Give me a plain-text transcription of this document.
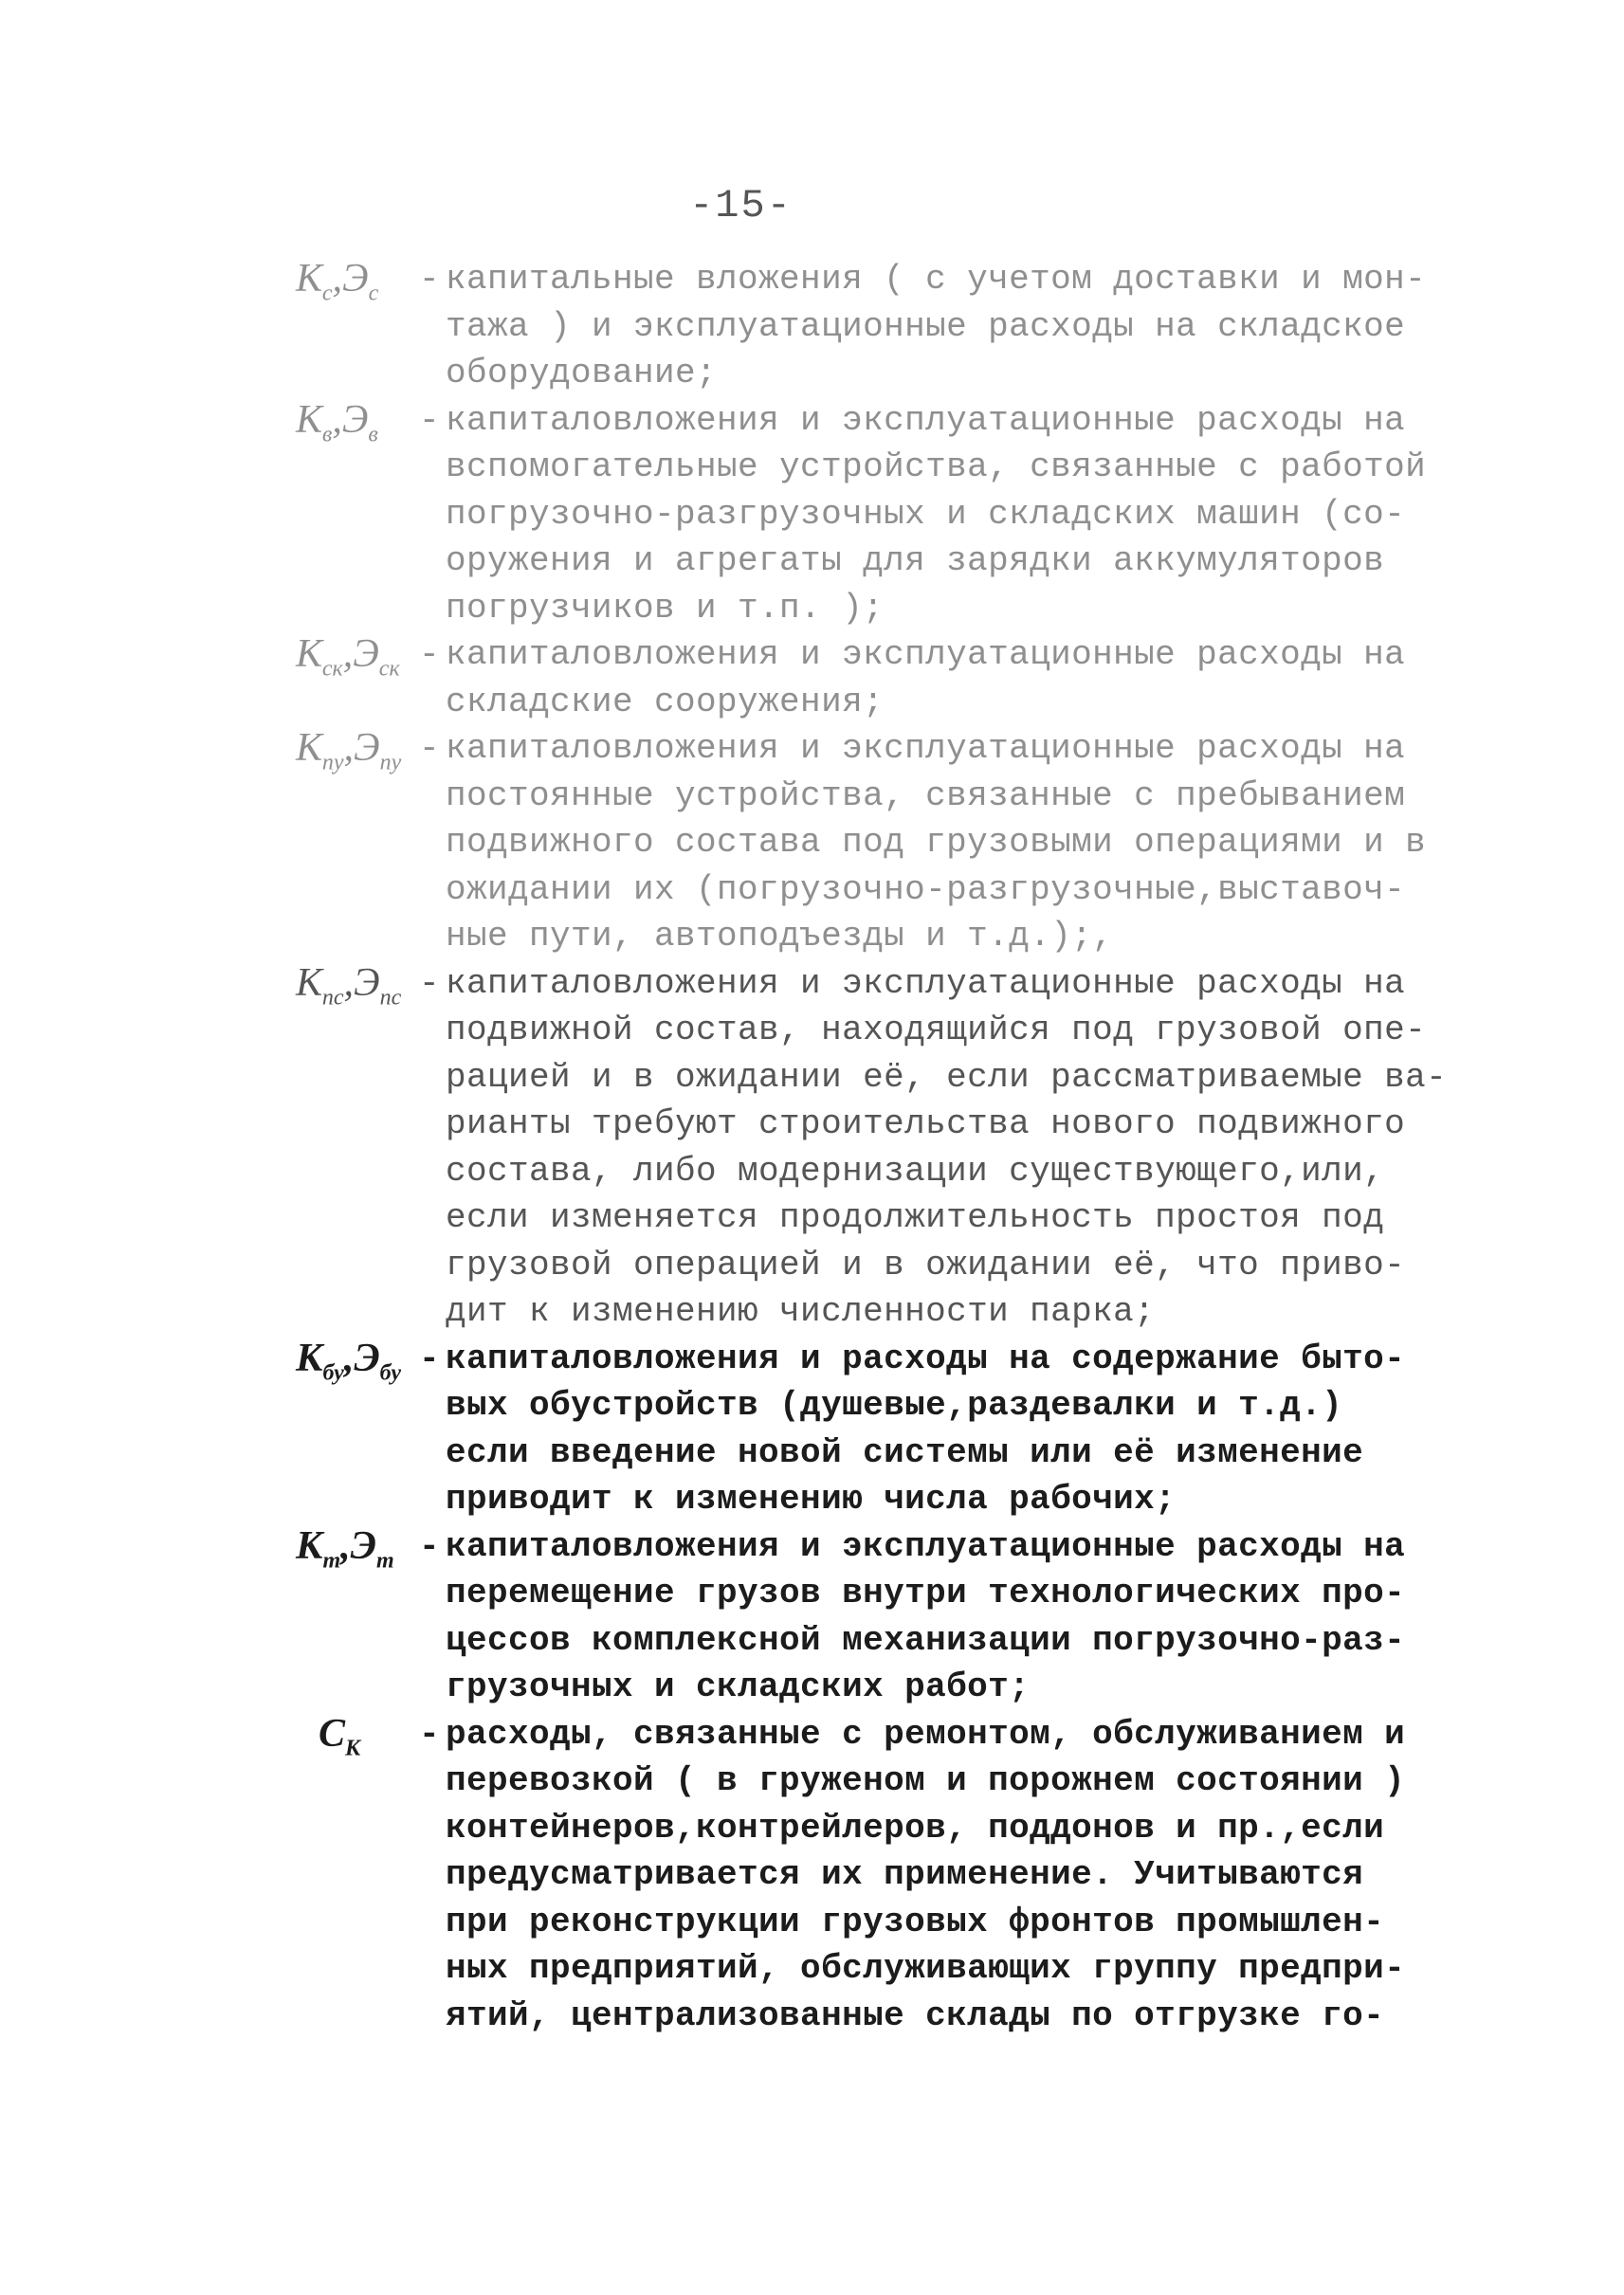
-15-
$К_с,Э_с$	- капитальные вложения ( с учетом доставки и мон-
тажа ) и эксплуатационные расходы на складское
оборудование;
$К_в,Э_в$	- капиталовложения и эксплуатационные расходы на
вспомогательные устройства, связанные с работой
погрузочно-разгрузочных и складских машин (со-
оружения и агрегаты для зарядки аккумуляторов
погрузчиков и т.п. );
$К_{ск},Э_{ск}$ - капиталовложения и эксплуатационные расходы на
складские сооружения;
$К_{пу},Э_{пу}$ - капиталовложения и эксплуатационные расходы на
постоянные устройства, связанные с пребыванием
подвижного состава под грузовыми операциями и в
ожидании их (погрузочно-разгрузочные,выставоч-
ные пути, автоподъезды и т.д.);,
$К_{пс},Э_{пс}$ - капиталовложения и эксплуатационные расходы на
подвижной состав, находящийся под грузовой опе-
рацией и в ожидании её, если рассматриваемые ва-
рианты требуют строительства нового подвижного
состава, либо модернизации существующего,или,
если изменяется продолжительность простоя под
грузовой операцией и в ожидании её, что приво-
дит к изменению численности парка;
$К_{бу},Э_{бу}$ - капиталовложения и расходы на содержание быто-
вых обустройств (душевые,раздевалки и т.д.)
если введение новой системы или её изменение
приводит к изменению числа рабочих;
$К_т,Э_т$ - капиталовложения и эксплуатационные расходы на
перемещение грузов внутри технологических про-
цессов комплексной механизации погрузочно-раз-
грузочных и складских работ;
$С_К$	- расходы, связанные с ремонтом, обслуживанием и
перевозкой ( в груженом и порожнем состоянии )
контейнеров,контрейлеров, поддонов и пр.,если
предусматривается их применение. Учитываются
при реконструкции грузовых фронтов промышлен-
ных предприятий, обслуживающих группу предпри-
ятий, централизованные склады по отгрузке го-
